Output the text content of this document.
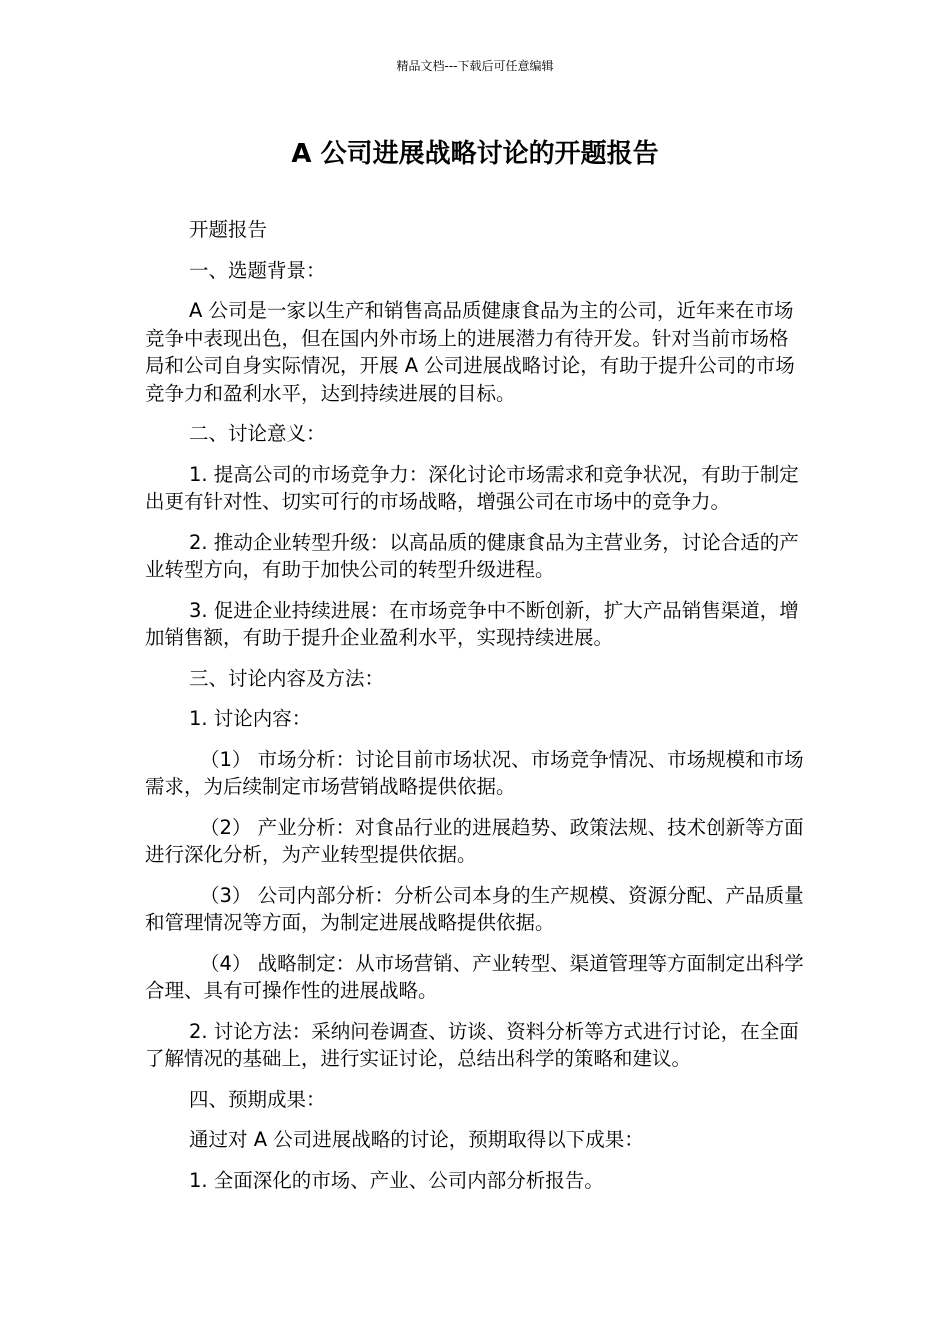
精品文档---下载后可任意编辑
A 公司进展战略讨论的开题报告

开题报告

一、选题背景：

A 公司是一家以生产和销售高品质健康食品为主的公司，近年来在市场竞争中表现出色，但在国内外市场上的进展潜力有待开发。针对当前市场格局和公司自身实际情况，开展 A 公司进展战略讨论，有助于提升公司的市场竞争力和盈利水平，达到持续进展的目标。

二、讨论意义：

1. 提高公司的市场竞争力：深化讨论市场需求和竞争状况，有助于制定出更有针对性、切实可行的市场战略，增强公司在市场中的竞争力。

2. 推动企业转型升级：以高品质的健康食品为主营业务，讨论合适的产业转型方向，有助于加快公司的转型升级进程。

3. 促进企业持续进展：在市场竞争中不断创新，扩大产品销售渠道，增加销售额，有助于提升企业盈利水平，实现持续进展。

三、讨论内容及方法：

1. 讨论内容：

（1） 市场分析：讨论目前市场状况、市场竞争情况、市场规模和市场需求，为后续制定市场营销战略提供依据。

（2） 产业分析：对食品行业的进展趋势、政策法规、技术创新等方面进行深化分析，为产业转型提供依据。

（3） 公司内部分析：分析公司本身的生产规模、资源分配、产品质量和管理情况等方面，为制定进展战略提供依据。

（4） 战略制定：从市场营销、产业转型、渠道管理等方面制定出科学合理、具有可操作性的进展战略。

2. 讨论方法：采纳问卷调查、访谈、资料分析等方式进行讨论，在全面了解情况的基础上，进行实证讨论，总结出科学的策略和建议。

四、预期成果：

通过对 A 公司进展战略的讨论，预期取得以下成果：

1. 全面深化的市场、产业、公司内部分析报告。
